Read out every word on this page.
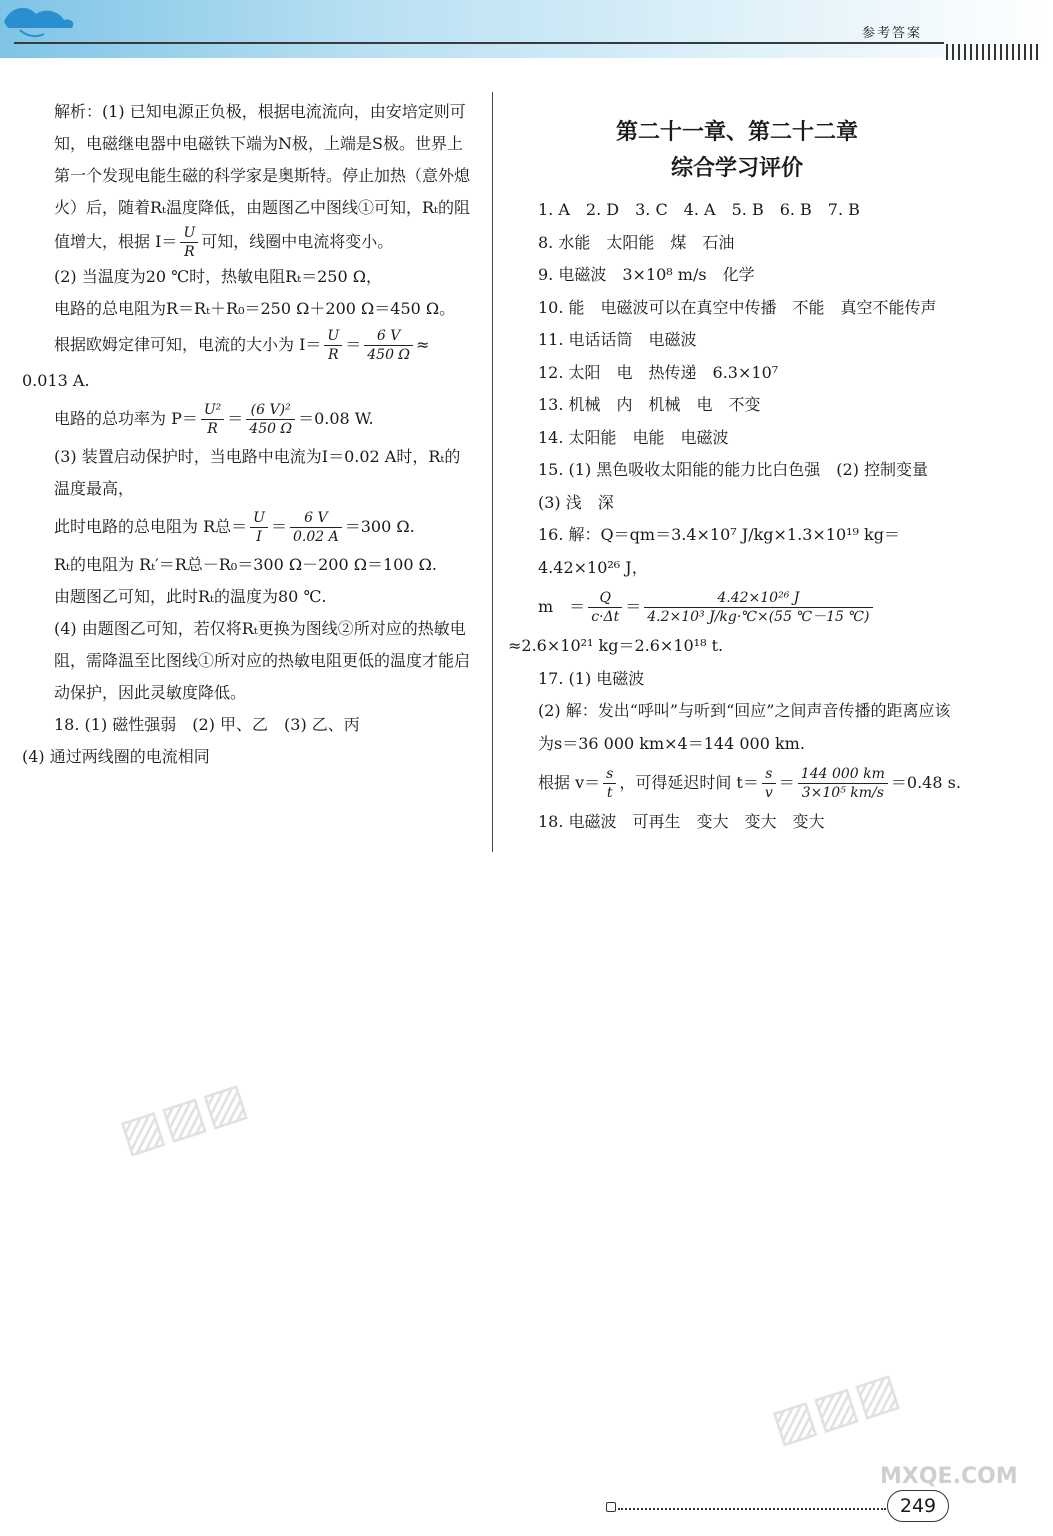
参考答案

解析：(1) 已知电源正负极，根据电流流向，由安培定则可知，电磁继电器中电磁铁下端为N极，上端是S极。世界上第一个发现电能生磁的科学家是奥斯特。停止加热（意外熄火）后，随着Rₜ温度降低，由题图乙中图线①可知，Rₜ的阻值增大，根据 $I= \frac{U}{R}$ 可知，线圈中电流将变小。

(2) 当温度为20 ℃时，热敏电阻Rₜ＝250 Ω，

电路的总电阻为R＝Rₜ＋R₀＝250 Ω＋200 Ω＝450 Ω。

根据欧姆定律可知，电流的大小为 $I= \frac{U}{R} = \frac{6 V}{450 \Omega}$ ≈

0.013 A.

电路的总功率为 $P= \frac{\text{U²}}{R} = \frac{\text{(6 V)²}}{450 \Omega} =0.08$ W.

(3) 装置启动保护时，当电路中电流为I＝0.02 A时，Rₜ的温度最高，

此时电路的总电阻为 R总＝ $\frac{U}{I} = \frac{6 V}{0.02 A} =300$ Ω.

Rₜ的电阻为 Rₜ′＝R总－R₀＝300 Ω－200 Ω＝100 Ω.

由题图乙可知，此时Rₜ的温度为80 ℃.

(4) 由题图乙可知，若仅将Rₜ更换为图线②所对应的热敏电阻，需降温至比图线①所对应的热敏电阻更低的温度才能启动保护，因此灵敏度降低。

18. (1) 磁性强弱　(2) 甲、乙　(3) 乙、丙

(4) 通过两线圈的电流相同

第二十一章、第二十二章
综合学习评价

1. A　2. D　3. C　4. A　5. B　6. B　7. B

8. 水能　太阳能　煤　石油

9. 电磁波　3×10⁸ m/s　化学

10. 能　电磁波可以在真空中传播　不能　真空不能传声

11. 电话话筒　电磁波

12. 太阳　电　热传递　6.3×10⁷

13. 机械　内　机械　电　不变

14. 太阳能　电能　电磁波

15. (1) 黑色吸收太阳能的能力比白色强　(2) 控制变量　(3) 浅　深

16. 解：Q＝qm＝3.4×10⁷ J/kg×1.3×10¹⁹ kg＝4.42×10²⁶ J，

m　＝ $\frac{Q}{c\cdot\Delta t} = \frac{\text{4.42×10²⁶ J}}{\text{4.2×10³ J/kg·℃×(55 ℃－15 ℃)}}$

≈2.6×10²¹ kg＝2.6×10¹⁸ t.

17. (1) 电磁波

(2) 解：发出“呼叫”与听到“回应”之间声音传播的距离应该为s＝36 000 km×4＝144 000 km.

根据 $v= \frac{s}{t}$ ，可得延迟时间 $t= \frac{s}{v} = \frac{144 000 km}{\text{3×10⁵ km/s}} =0.48$ s.

18. 电磁波　可再生　变大　变大　变大

▨▨▨
▨▨▨
MXQE.COM
249
